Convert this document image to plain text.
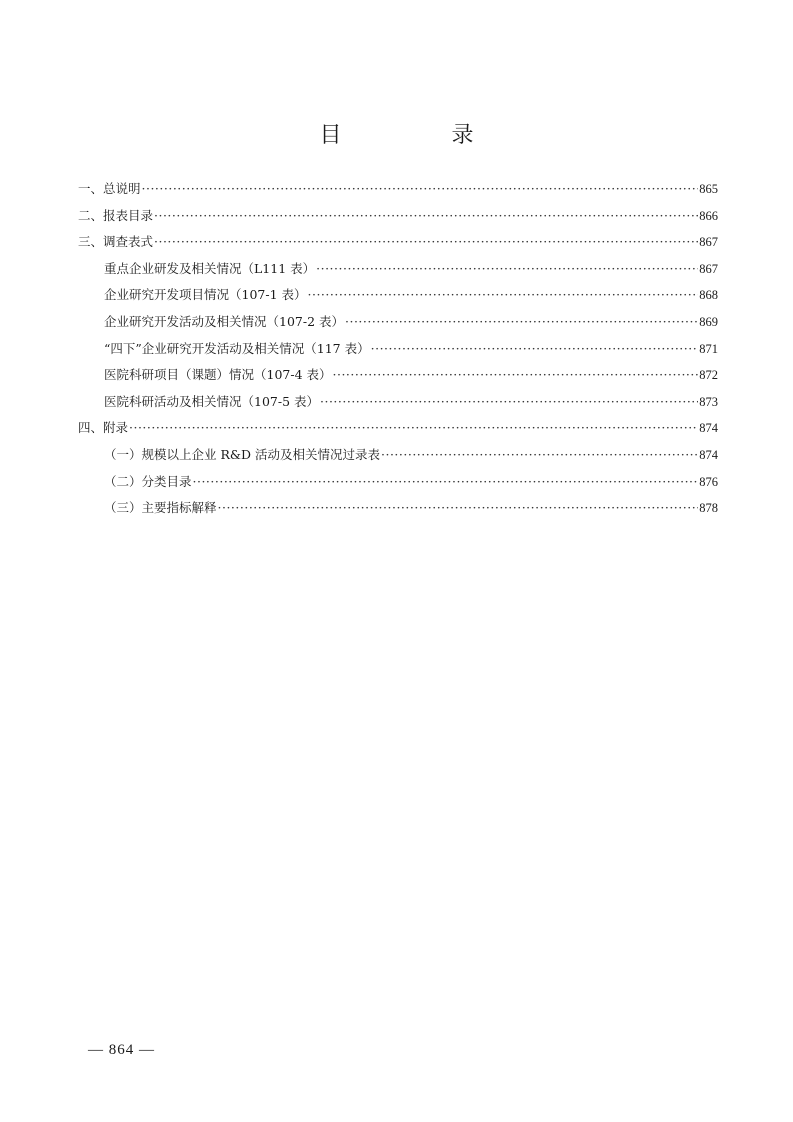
目　录
一、总说明 ·····	865
二、报表目录 ·····	866
三、调查表式 ·····	867
重点企业研发及相关情况（L111 表） ·····	867
企业研究开发项目情况（107-1 表） ·····	868
企业研究开发活动及相关情况（107-2 表） ·····	869
“四下”企业研究开发活动及相关情况（117 表） ·····	871
医院科研项目（课题）情况（107-4 表） ·····	872
医院科研活动及相关情况（107-5 表） ·····	873
四、附录 ·····	874
（一）规模以上企业 R&D 活动及相关情况过录表 ·····	874
（二）分类目录 ·····	876
（三）主要指标解释 ·····	878
— 864 —
